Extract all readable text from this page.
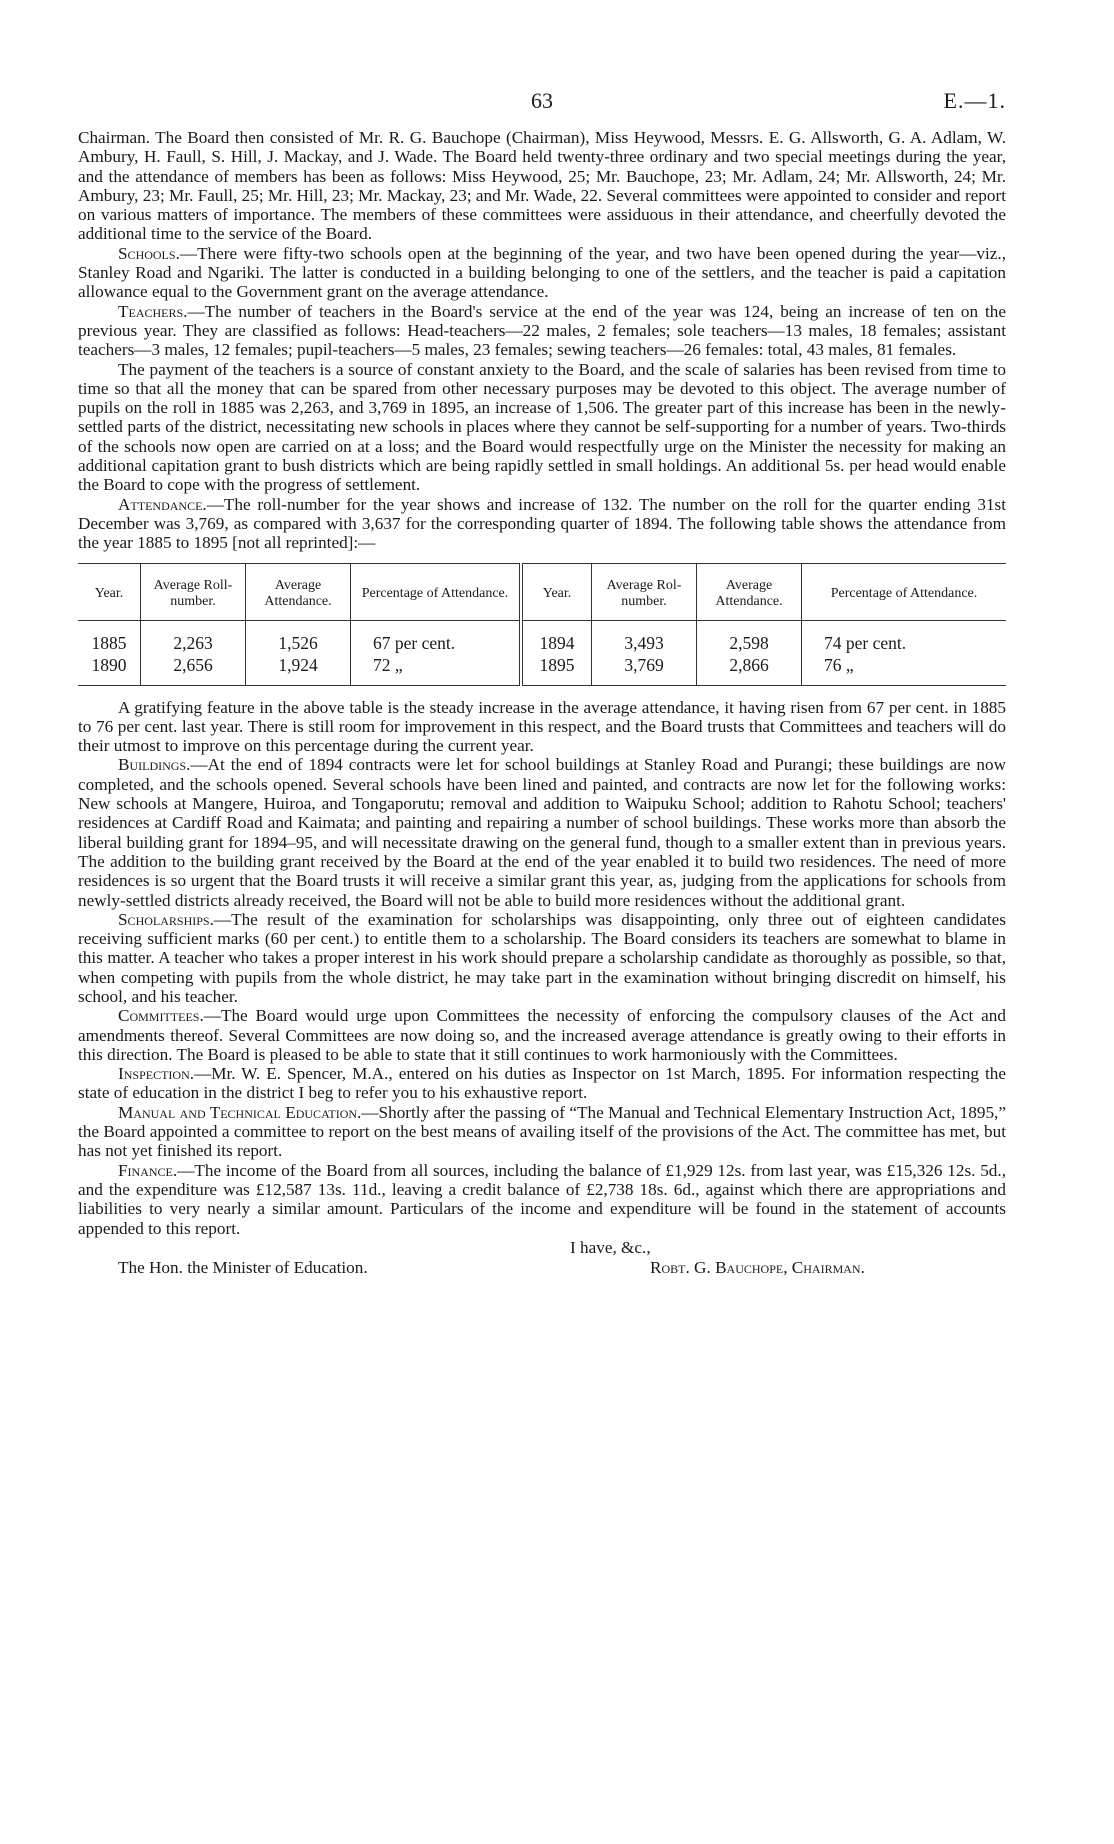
63	E.—1.

Chairman. The Board then consisted of Mr. R. G. Bauchope (Chairman), Miss Heywood, Messrs. E. G. Allsworth, G. A. Adlam, W. Ambury, H. Faull, S. Hill, J. Mackay, and J. Wade. The Board held twenty-three ordinary and two special meetings during the year, and the attendance of members has been as follows: Miss Heywood, 25; Mr. Bauchope, 23; Mr. Adlam, 24; Mr. Allsworth, 24; Mr. Ambury, 23; Mr. Faull, 25; Mr. Hill, 23; Mr. Mackay, 23; and Mr. Wade, 22. Several committees were appointed to consider and report on various matters of importance. The members of these committees were assiduous in their attendance, and cheerfully devoted the additional time to the service of the Board.

Schools.—There were fifty-two schools open at the beginning of the year, and two have been opened during the year—viz., Stanley Road and Ngariki. The latter is conducted in a building belonging to one of the settlers, and the teacher is paid a capitation allowance equal to the Government grant on the average attendance.

Teachers.—The number of teachers in the Board's service at the end of the year was 124, being an increase of ten on the previous year. They are classified as follows: Head-teachers—22 males, 2 females; sole teachers—13 males, 18 females; assistant teachers—3 males, 12 females; pupil-teachers—5 males, 23 females; sewing teachers—26 females: total, 43 males, 81 females.

The payment of the teachers is a source of constant anxiety to the Board, and the scale of salaries has been revised from time to time so that all the money that can be spared from other necessary purposes may be devoted to this object. The average number of pupils on the roll in 1885 was 2,263, and 3,769 in 1895, an increase of 1,506. The greater part of this increase has been in the newly-settled parts of the district, necessitating new schools in places where they cannot be self-supporting for a number of years. Two-thirds of the schools now open are carried on at a loss; and the Board would respectfully urge on the Minister the necessity for making an additional capitation grant to bush districts which are being rapidly settled in small holdings. An additional 5s. per head would enable the Board to cope with the progress of settlement.

Attendance.—The roll-number for the year shows and increase of 132. The number on the roll for the quarter ending 31st December was 3,769, as compared with 3,637 for the corresponding quarter of 1894. The following table shows the attendance from the year 1885 to 1895 [not all reprinted]:—

Year.	Average Roll-number.	Average Attendance.	Percentage of Attendance.	Year.	Average Rol-number.	Average Attendance.	Percentage of Attendance.
1885	2,263	1,526	67 per cent.	1894	3,493	2,598	74 per cent.
1890	2,656	1,924	72 „	1895	3,769	2,866	76 „

A gratifying feature in the above table is the steady increase in the average attendance, it having risen from 67 per cent. in 1885 to 76 per cent. last year. There is still room for improvement in this respect, and the Board trusts that Committees and teachers will do their utmost to improve on this percentage during the current year.

Buildings.—At the end of 1894 contracts were let for school buildings at Stanley Road and Purangi; these buildings are now completed, and the schools opened. Several schools have been lined and painted, and contracts are now let for the following works: New schools at Mangere, Huiroa, and Tongaporutu; removal and addition to Waipuku School; addition to Rahotu School; teachers' residences at Cardiff Road and Kaimata; and painting and repairing a number of school buildings. These works more than absorb the liberal building grant for 1894–95, and will necessitate drawing on the general fund, though to a smaller extent than in previous years. The addition to the building grant received by the Board at the end of the year enabled it to build two residences. The need of more residences is so urgent that the Board trusts it will receive a similar grant this year, as, judging from the applications for schools from newly-settled districts already received, the Board will not be able to build more residences without the additional grant.

Scholarships.—The result of the examination for scholarships was disappointing, only three out of eighteen candidates receiving sufficient marks (60 per cent.) to entitle them to a scholarship. The Board considers its teachers are somewhat to blame in this matter. A teacher who takes a proper interest in his work should prepare a scholarship candidate as thoroughly as possible, so that, when competing with pupils from the whole district, he may take part in the examination without bringing discredit on himself, his school, and his teacher.

Committees.—The Board would urge upon Committees the necessity of enforcing the compulsory clauses of the Act and amendments thereof. Several Committees are now doing so, and the increased average attendance is greatly owing to their efforts in this direction. The Board is pleased to be able to state that it still continues to work harmoniously with the Committees.

Inspection.—Mr. W. E. Spencer, M.A., entered on his duties as Inspector on 1st March, 1895. For information respecting the state of education in the district I beg to refer you to his exhaustive report.

Manual and Technical Education.—Shortly after the passing of “The Manual and Technical Elementary Instruction Act, 1895,” the Board appointed a committee to report on the best means of availing itself of the provisions of the Act. The committee has met, but has not yet finished its report.

Finance.—The income of the Board from all sources, including the balance of £1,929 12s. from last year, was £15,326 12s. 5d., and the expenditure was £12,587 13s. 11d., leaving a credit balance of £2,738 18s. 6d., against which there are appropriations and liabilities to very nearly a similar amount. Particulars of the income and expenditure will be found in the statement of accounts appended to this report.

I have, &c.,
The Hon. the Minister of Education.	Robt. G. Bauchope, Chairman.
